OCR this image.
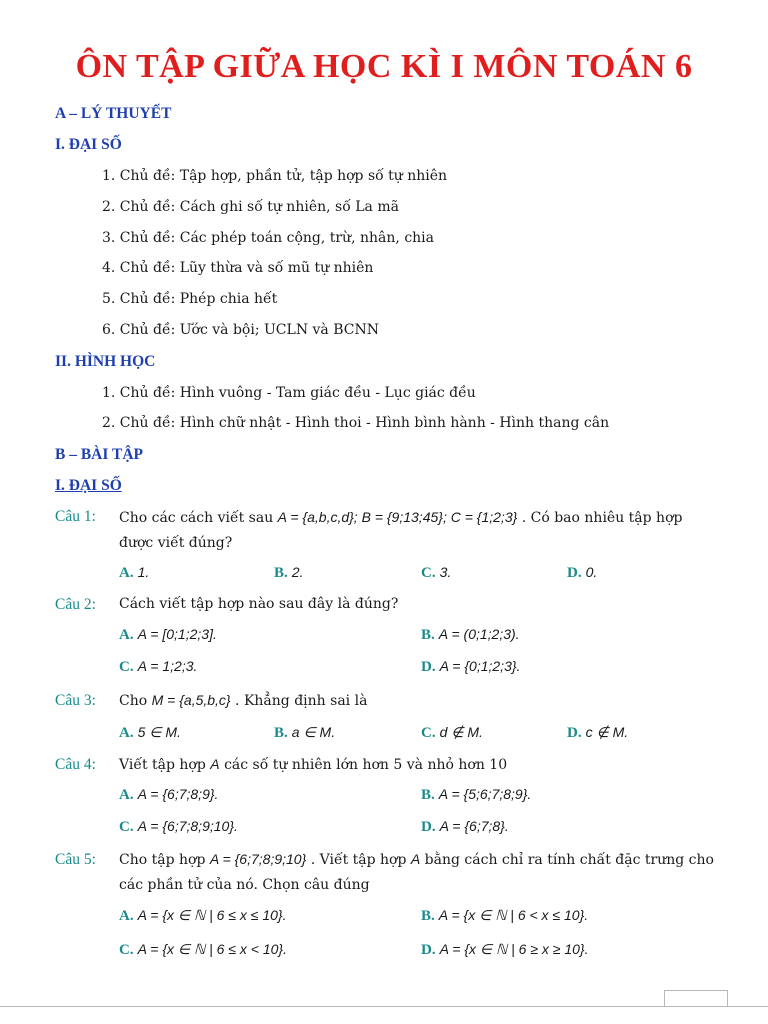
ÔN TẬP GIỮA HỌC KÌ I MÔN TOÁN 6
A – LÝ THUYẾT
I. ĐẠI SỐ
1. Chủ đề: Tập hợp, phần tử, tập hợp số tự nhiên
2. Chủ đề: Cách ghi số tự nhiên, số La mã
3. Chủ đề: Các phép toán cộng, trừ, nhân, chia
4. Chủ đề: Lũy thừa và số mũ tự nhiên
5. Chủ đề: Phép chia hết
6. Chủ đề: Ước và bội; UCLN và BCNN
II. HÌNH HỌC
1. Chủ đề: Hình vuông - Tam giác đều - Lục giác đều
2. Chủ đề: Hình chữ nhật - Hình thoi - Hình bình hành - Hình thang cân
B – BÀI TẬP
I. ĐẠI SỐ
Câu 1: Cho các cách viết sau A = {a,b,c,d}; B = {9;13;45}; C = {1;2;3} . Có bao nhiêu tập hợp
được viết đúng?
A. 1.	B. 2.	C. 3.	D. 0.
Câu 2: Cách viết tập hợp nào sau đây là đúng?
A. A = [0;1;2;3].	B. A = (0;1;2;3).
C. A = 1;2;3.	D. A = {0;1;2;3}.
Câu 3: Cho M = {a,5,b,c} . Khẳng định sai là
A. 5 ∈ M.	B. a ∈ M.	C. d ∉ M.	D. c ∉ M.
Câu 4: Viết tập hợp A các số tự nhiên lớn hơn 5 và nhỏ hơn 10
A. A = {6;7;8;9}.	B. A = {5;6;7;8;9}.
C. A = {6;7;8;9;10}.	D. A = {6;7;8}.
Câu 5: Cho tập hợp A = {6;7;8;9;10} . Viết tập hợp A bằng cách chỉ ra tính chất đặc trưng cho
các phần tử của nó. Chọn câu đúng
A. A = {x ∈ ℕ | 6 ≤ x ≤ 10}.	B. A = {x ∈ ℕ | 6 < x ≤ 10}.
C. A = {x ∈ ℕ | 6 ≤ x < 10}.	D. A = {x ∈ ℕ | 6 ≥ x ≥ 10}.
